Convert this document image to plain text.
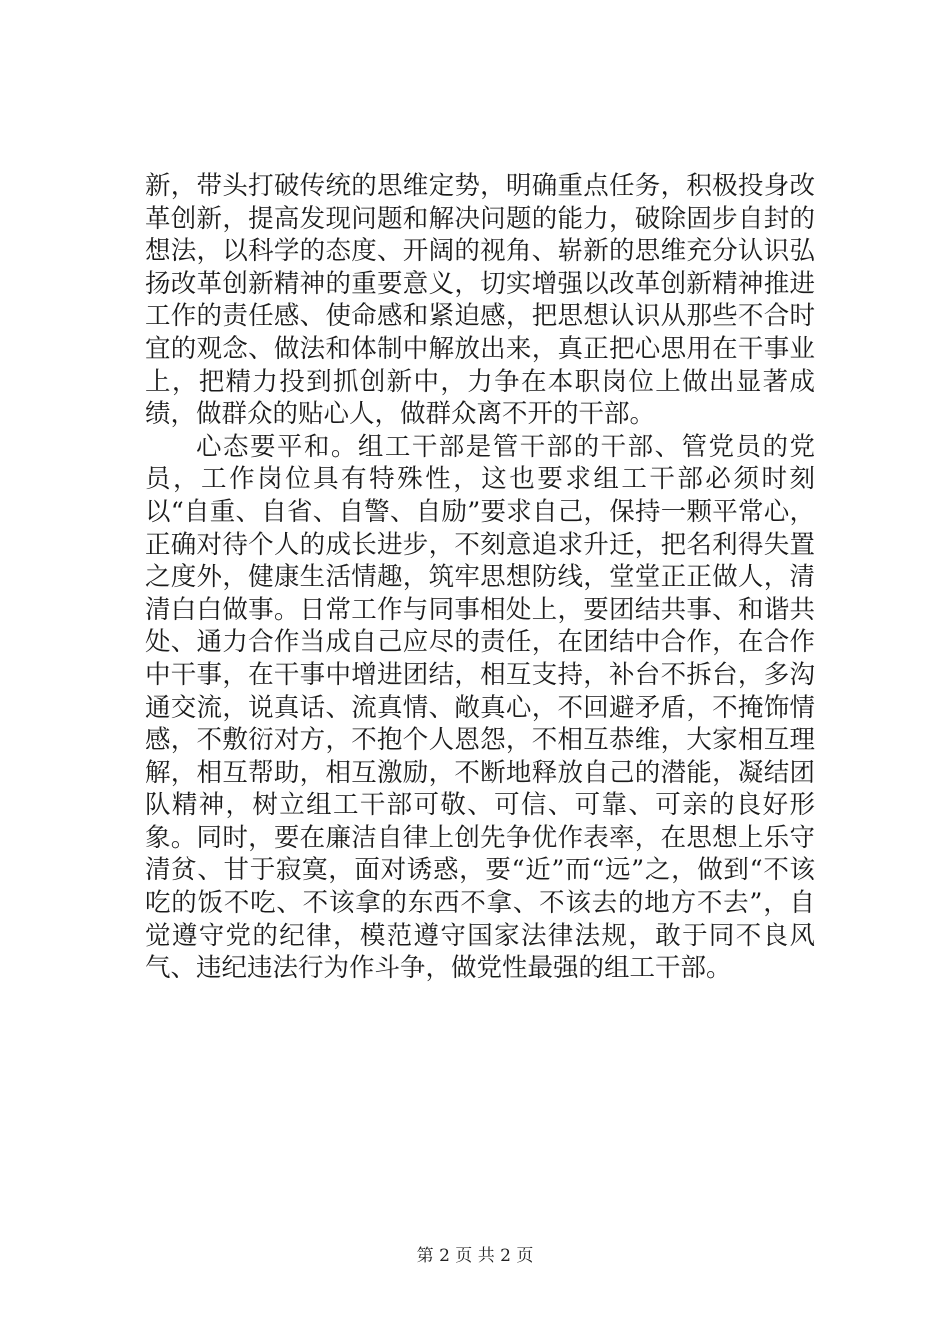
新，带头打破传统的思维定势，明确重点任务，积极投身改革创新，提高发现问题和解决问题的能力，破除固步自封的想法，以科学的态度、开阔的视角、崭新的思维充分认识弘扬改革创新精神的重要意义，切实增强以改革创新精神推进工作的责任感、使命感和紧迫感，把思想认识从那些不合时宜的观念、做法和体制中解放出来，真正把心思用在干事业上，把精力投到抓创新中，力争在本职岗位上做出显著成绩，做群众的贴心人，做群众离不开的干部。

心态要平和。组工干部是管干部的干部、管党员的党员，工作岗位具有特殊性，这也要求组工干部必须时刻以“自重、自省、自警、自励”要求自己，保持一颗平常心，正确对待个人的成长进步，不刻意追求升迁，把名利得失置之度外，健康生活情趣，筑牢思想防线，堂堂正正做人，清清白白做事。日常工作与同事相处上，要团结共事、和谐共处、通力合作当成自己应尽的责任，在团结中合作，在合作中干事，在干事中增进团结，相互支持，补台不拆台，多沟通交流，说真话、流真情、敞真心，不回避矛盾，不掩饰情感，不敷衍对方，不抱个人恩怨，不相互恭维，大家相互理解，相互帮助，相互激励，不断地释放自己的潜能，凝结团队精神，树立组工干部可敬、可信、可靠、可亲的良好形象。同时，要在廉洁自律上创先争优作表率，在思想上乐守清贫、甘于寂寞，面对诱惑，要“近”而“远”之，做到“不该吃的饭不吃、不该拿的东西不拿、不该去的地方不去”，自觉遵守党的纪律，模范遵守国家法律法规，敢于同不良风气、违纪违法行为作斗争，做党性最强的组工干部。

第 2 页 共 2 页
